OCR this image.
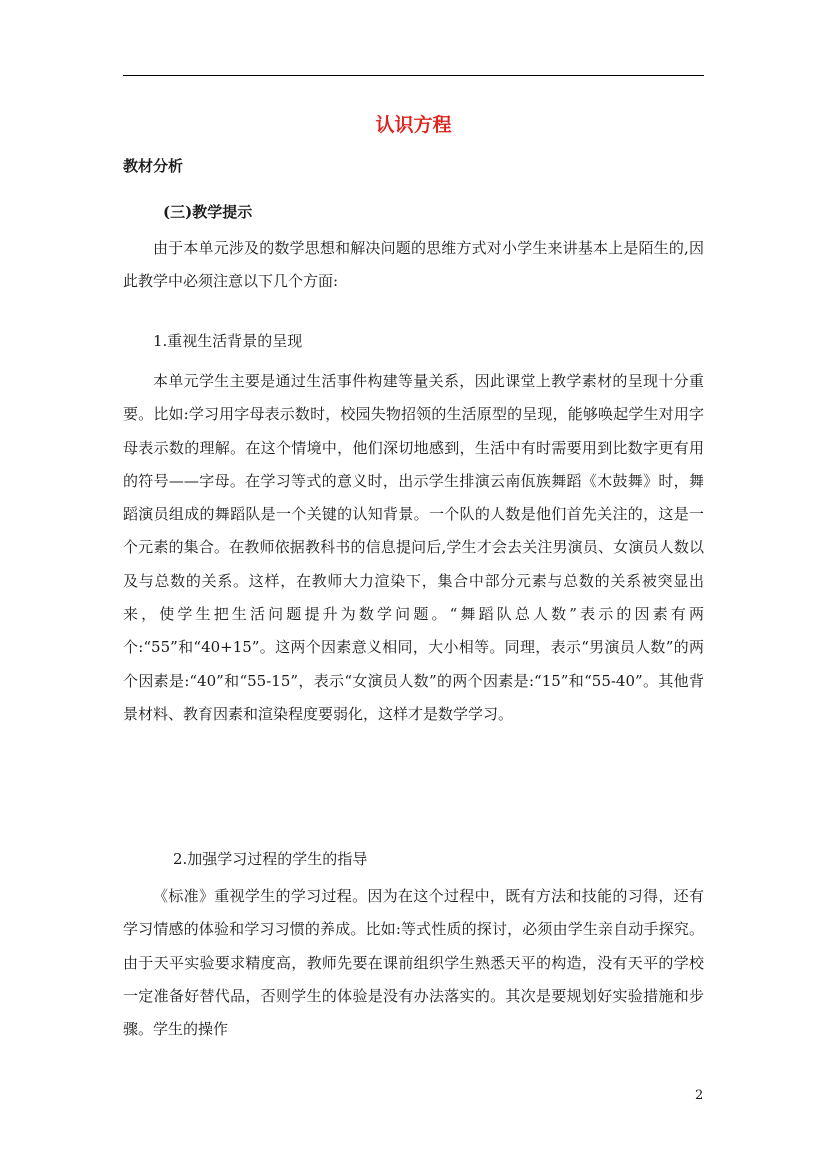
认识方程
教材分析
(三)教学提示
由于本单元涉及的数学思想和解决问题的思维方式对小学生来讲基本上是陌生的,因此教学中必须注意以下几个方面:
1.重视生活背景的呈现
本单元学生主要是通过生活事件构建等量关系，因此课堂上教学素材的呈现十分重要。比如:学习用字母表示数时，校园失物招领的生活原型的呈现，能够唤起学生对用字母表示数的理解。在这个情境中，他们深切地感到，生活中有时需要用到比数字更有用的符号——字母。在学习等式的意义时，出示学生排演云南佤族舞蹈《木鼓舞》时，舞蹈演员组成的舞蹈队是一个关键的认知背景。一个队的人数是他们首先关注的，这是一个元素的集合。在教师依据教科书的信息提问后,学生才会去关注男演员、女演员人数以及与总数的关系。这样，在教师大力渲染下，集合中部分元素与总数的关系被突显出来，使学生把生活问题提升为数学问题。“舞蹈队总人数”表示的因素有两个:“55”和“40+15”。这两个因素意义相同，大小相等。同理，表示“男演员人数”的两个因素是:“40”和“55-15”，表示“女演员人数”的两个因素是:“15”和“55-40”。其他背景材料、教育因素和渲染程度要弱化，这样才是数学学习。
2.加强学习过程的学生的指导
《标准》重视学生的学习过程。因为在这个过程中，既有方法和技能的习得，还有学习情感的体验和学习习惯的养成。比如:等式性质的探讨，必须由学生亲自动手探究。由于天平实验要求精度高，教师先要在课前组织学生熟悉天平的构造，没有天平的学校一定准备好替代品，否则学生的体验是没有办法落实的。其次是要规划好实验措施和步骤。学生的操作
2
